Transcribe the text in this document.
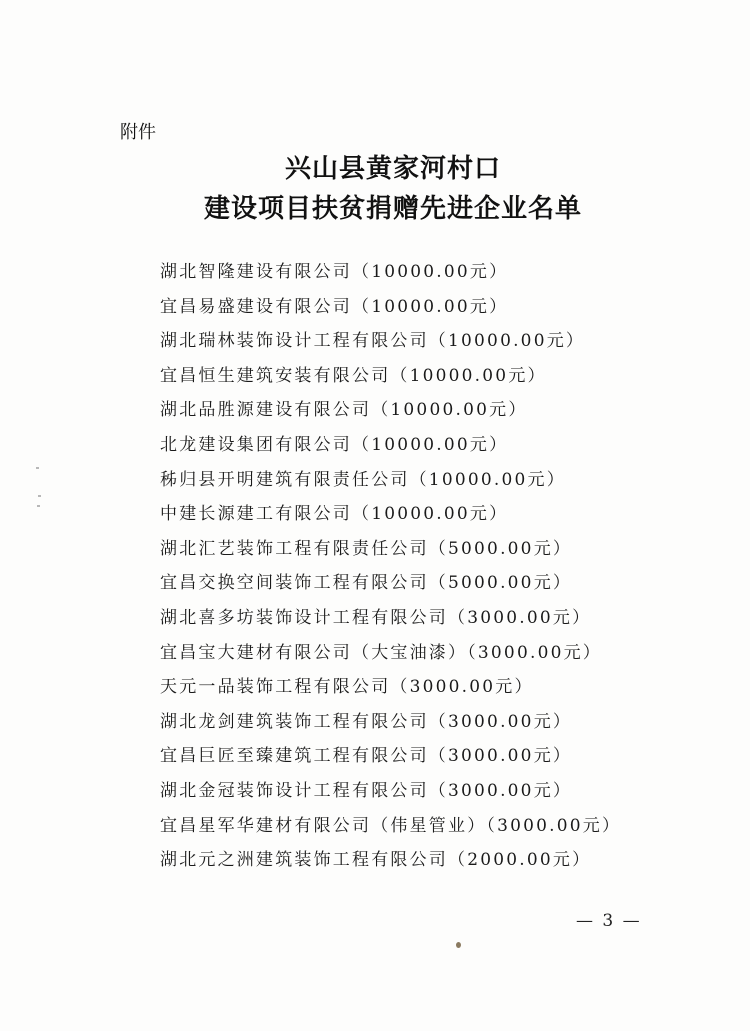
附件
兴山县黄家河村口
建设项目扶贫捐赠先进企业名单
湖北智隆建设有限公司（10000.00元）
宜昌易盛建设有限公司（10000.00元）
湖北瑞林装饰设计工程有限公司（10000.00元）
宜昌恒生建筑安装有限公司（10000.00元）
湖北品胜源建设有限公司（10000.00元）
北龙建设集团有限公司（10000.00元）
秭归县开明建筑有限责任公司（10000.00元）
中建长源建工有限公司（10000.00元）
湖北汇艺装饰工程有限责任公司（5000.00元）
宜昌交换空间装饰工程有限公司（5000.00元）
湖北喜多坊装饰设计工程有限公司（3000.00元）
宜昌宝大建材有限公司（大宝油漆）（3000.00元）
天元一品装饰工程有限公司（3000.00元）
湖北龙剑建筑装饰工程有限公司（3000.00元）
宜昌巨匠至臻建筑工程有限公司（3000.00元）
湖北金冠装饰设计工程有限公司（3000.00元）
宜昌星军华建材有限公司（伟星管业）（3000.00元）
湖北元之洲建筑装饰工程有限公司（2000.00元）
— 3 —
